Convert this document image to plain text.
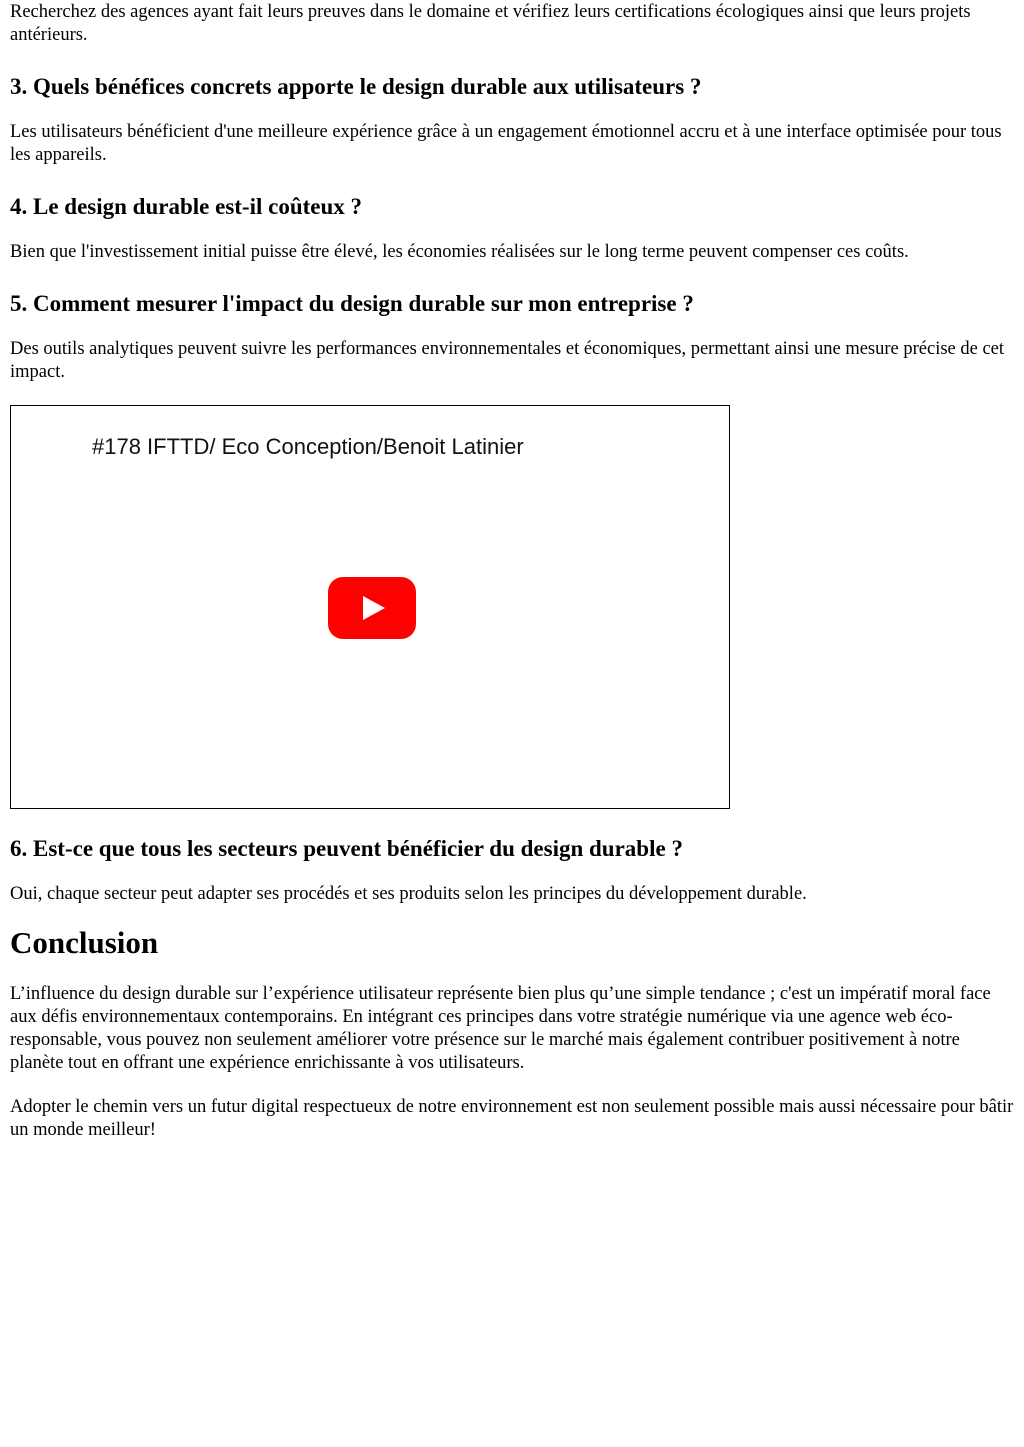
Recherchez des agences ayant fait leurs preuves dans le domaine et vérifiez leurs certifications écologiques ainsi que leurs projets antérieurs.

3. Quels bénéfices concrets apporte le design durable aux utilisateurs ?

Les utilisateurs bénéficient d'une meilleure expérience grâce à un engagement émotionnel accru et à une interface optimisée pour tous les appareils.

4. Le design durable est-il coûteux ?

Bien que l'investissement initial puisse être élevé, les économies réalisées sur le long terme peuvent compenser ces coûts.

5. Comment mesurer l'impact du design durable sur mon entreprise ?

Des outils analytiques peuvent suivre les performances environnementales et économiques, permettant ainsi une mesure précise de cet impact.

#178 IFTTD/ Eco Conception/Benoit Latinier
6. Est-ce que tous les secteurs peuvent bénéficier du design durable ?

Oui, chaque secteur peut adapter ses procédés et ses produits selon les principes du développement durable.

Conclusion

L’influence du design durable sur l’expérience utilisateur représente bien plus qu’une simple tendance ; c'est un impératif moral face aux défis environnementaux contemporains. En intégrant ces principes dans votre stratégie numérique via une agence web éco-responsable, vous pouvez non seulement améliorer votre présence sur le marché mais également contribuer positivement à notre planète tout en offrant une expérience enrichissante à vos utilisateurs.

Adopter le chemin vers un futur digital respectueux de notre environnement est non seulement possible mais aussi nécessaire pour bâtir un monde meilleur!
